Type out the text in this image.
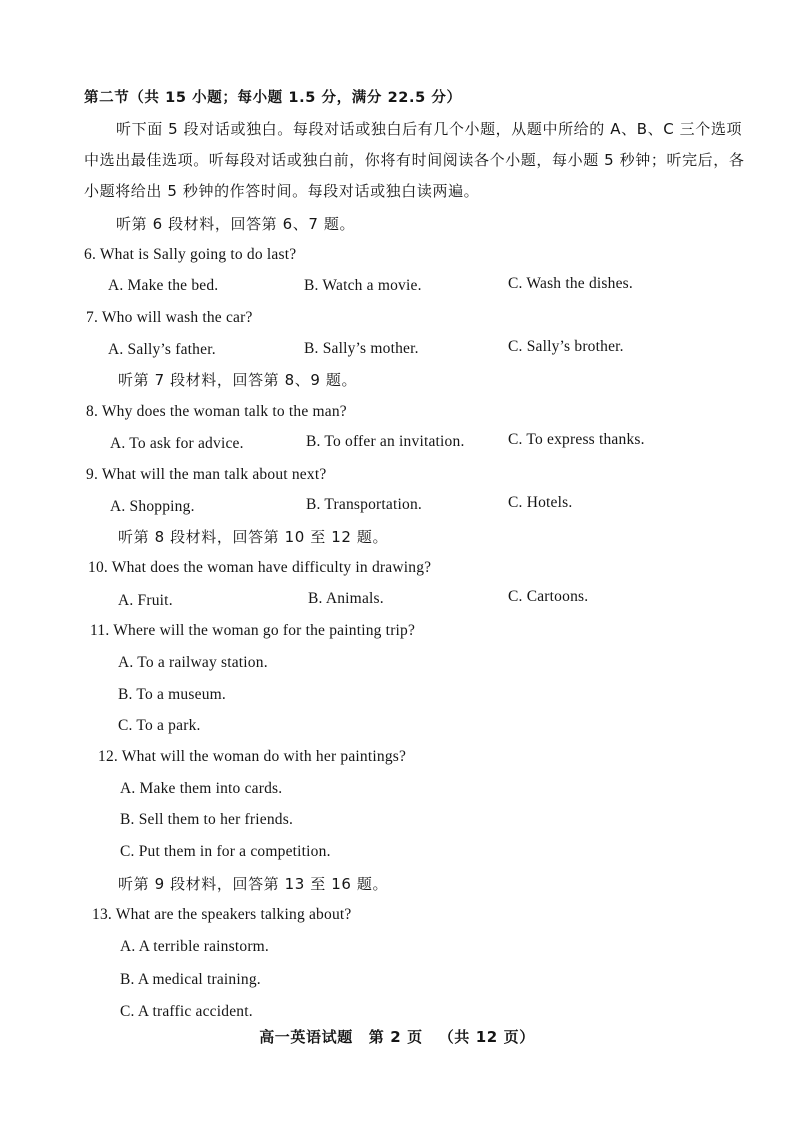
第二节（共 15 小题；每小题 1.5 分，满分 22.5 分）
听下面 5 段对话或独白。每段对话或独白后有几个小题，从题中所给的 A、B、C 三个选项
中选出最佳选项。听每段对话或独白前，你将有时间阅读各个小题，每小题 5 秒钟；听完后，各
小题将给出 5 秒钟的作答时间。每段对话或独白读两遍。
听第 6 段材料，回答第 6、7 题。
6. What is Sally going to do last?
A. Make the bed.	B. Watch a movie.	C. Wash the dishes.
7. Who will wash the car?
A. Sally’s father.	B. Sally’s mother.	C. Sally’s brother.
听第 7 段材料，回答第 8、9 题。
8. Why does the woman talk to the man?
A. To ask for advice.	B. To offer an invitation.	C. To express thanks.
9. What will the man talk about next?
A. Shopping.	B. Transportation.	C. Hotels.
听第 8 段材料，回答第 10 至 12 题。
10. What does the woman have difficulty in drawing?
A. Fruit.	B. Animals.	C. Cartoons.
11. Where will the woman go for the painting trip?
A. To a railway station.
B. To a museum.
C. To a park.
12. What will the woman do with her paintings?
A. Make them into cards.
B. Sell them to her friends.
C. Put them in for a competition.
听第 9 段材料，回答第 13 至 16 题。
13. What are the speakers talking about?
A. A terrible rainstorm.
B. A medical training.
C. A traffic accident.
高一英语试题 第 2 页 （共 12 页）
